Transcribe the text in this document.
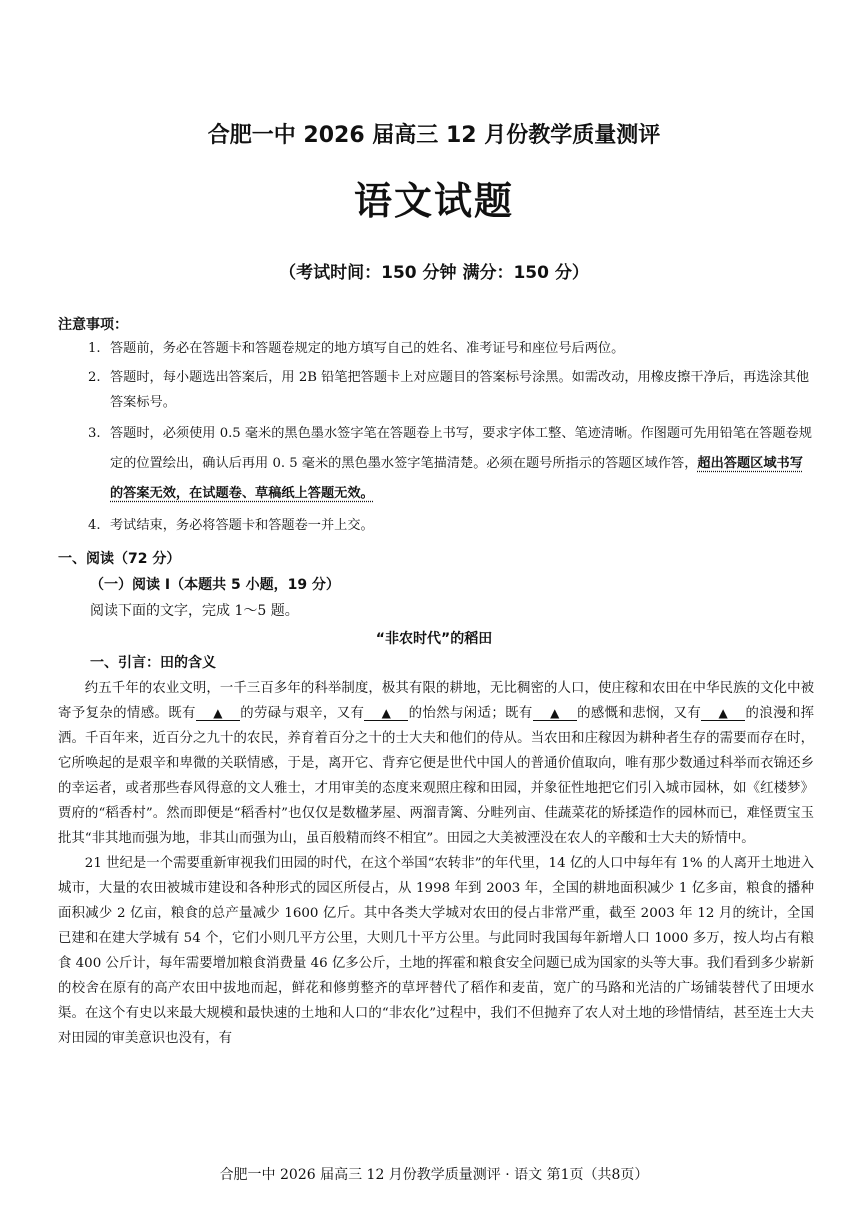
合肥一中 2026 届高三 12 月份教学质量测评
语文试题
（考试时间：150 分钟 满分：150 分）
注意事项：
1. 答题前，务必在答题卡和答题卷规定的地方填写自己的姓名、准考证号和座位号后两位。
2. 答题时，每小题选出答案后，用 2B 铅笔把答题卡上对应题目的答案标号涂黑。如需改动，用橡皮擦干净后，再选涂其他答案标号。
3. 答题时，必须使用 0.5 毫米的黑色墨水签字笔在答题卷上书写，要求字体工整、笔迹清晰。作图题可先用铅笔在答题卷规定的位置绘出，确认后再用 0. 5 毫米的黑色墨水签字笔描清楚。必须在题号所指示的答题区域作答，超出答题区域书写的答案无效，在试题卷、草稿纸上答题无效。
4. 考试结束，务必将答题卡和答题卷一并上交。
一、阅读（72 分）
（一）阅读 I（本题共 5 小题，19 分）
阅读下面的文字，完成 1～5 题。
“非农时代”的稻田
一、引言：田的含义

约五千年的农业文明，一千三百多年的科举制度，极其有限的耕地，无比稠密的人口，使庄稼和农田在中华民族的文化中被寄予复杂的情感。既有 ▲ 的劳碌与艰辛，又有 ▲ 的怡然与闲适；既有 ▲ 的感慨和悲悯，又有 ▲ 的浪漫和挥洒。千百年来，近百分之九十的农民，养育着百分之十的士大夫和他们的侍从。当农田和庄稼因为耕种者生存的需要而存在时，它所唤起的是艰辛和卑微的关联情感，于是，离开它、背弃它便是世代中国人的普通价值取向，唯有那少数通过科举而衣锦还乡的幸运者，或者那些春风得意的文人雅士，才用审美的态度来观照庄稼和田园，并象征性地把它们引入城市园林，如《红楼梦》贾府的“稻香村”。然而即便是“稻香村”也仅仅是数楹茅屋、两溜青篱、分畦列亩、佳蔬菜花的矫揉造作的园林而已，难怪贾宝玉批其“非其地而强为地，非其山而强为山，虽百般精而终不相宜”。田园之大美被湮没在农人的辛酸和士大夫的矫情中。

21 世纪是一个需要重新审视我们田园的时代，在这个举国“农转非”的年代里，14 亿的人口中每年有 1% 的人离开土地进入城市，大量的农田被城市建设和各种形式的园区所侵占，从 1998 年到 2003 年，全国的耕地面积减少 1 亿多亩，粮食的播种面积减少 2 亿亩，粮食的总产量减少 1600 亿斤。其中各类大学城对农田的侵占非常严重，截至 2003 年 12 月的统计，全国已建和在建大学城有 54 个，它们小则几平方公里，大则几十平方公里。与此同时我国每年新增人口 1000 多万，按人均占有粮食 400 公斤计，每年需要增加粮食消费量 46 亿多公斤，土地的挥霍和粮食安全问题已成为国家的头等大事。我们看到多少崭新的校舍在原有的高产农田中拔地而起，鲜花和修剪整齐的草坪替代了稻作和麦苗，宽广的马路和光洁的广场铺装替代了田埂水渠。在这个有史以来最大规模和最快速的土地和人口的“非农化”过程中，我们不但抛弃了农人对土地的珍惜情结，甚至连士大夫对田园的审美意识也没有，有

合肥一中 2026 届高三 12 月份教学质量测评 · 语文 第1页（共8页）
